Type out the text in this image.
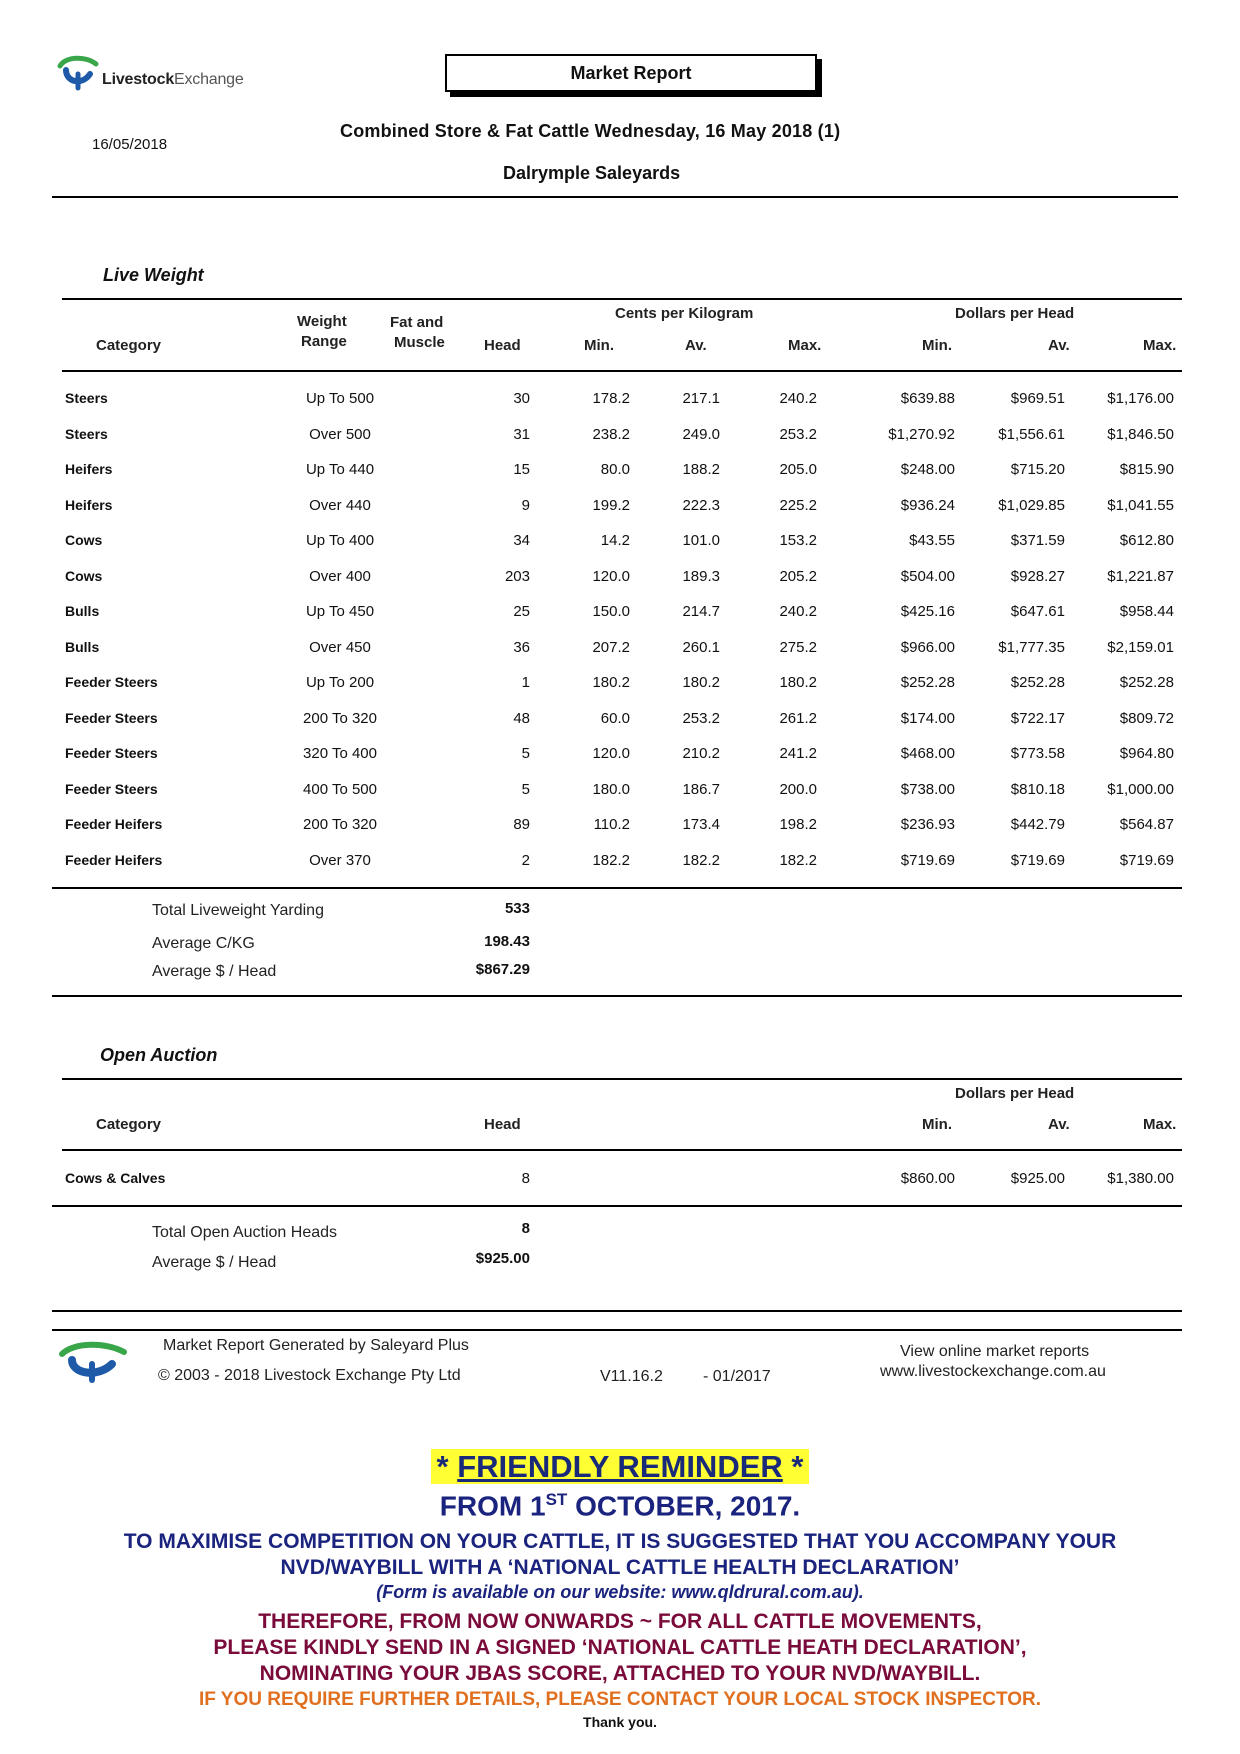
LivestockExchange	Market Report
16/05/2018
Combined Store & Fat Cattle Wednesday, 16 May 2018 (1)
Dalrymple Saleyards
Live Weight
Cents per Kilogram	Dollars per Head
Category
Weight
Range
Fat and
Muscle	Head	Min.	Av.	Max.	Min.	Av.	Max.
Steers	Up To 500	30	178.2	217.1	240.2	$639.88	$969.51	$1,176.00
Steers	Over 500	31	238.2	249.0	253.2	$1,270.92	$1,556.61	$1,846.50
Heifers	Up To 440	15	80.0	188.2	205.0	$248.00	$715.20	$815.90
Heifers	Over 440	9	199.2	222.3	225.2	$936.24	$1,029.85	$1,041.55
Cows	Up To 400	34	14.2	101.0	153.2	$43.55	$371.59	$612.80
Cows	Over 400	203	120.0	189.3	205.2	$504.00	$928.27	$1,221.87
Bulls	Up To 450	25	150.0	214.7	240.2	$425.16	$647.61	$958.44
Bulls	Over 450	36	207.2	260.1	275.2	$966.00	$1,777.35	$2,159.01
Feeder Steers	Up To 200	1	180.2	180.2	180.2	$252.28	$252.28	$252.28
Feeder Steers	200 To 320	48	60.0	253.2	261.2	$174.00	$722.17	$809.72
Feeder Steers	320 To 400	5	120.0	210.2	241.2	$468.00	$773.58	$964.80
Feeder Steers	400 To 500	5	180.0	186.7	200.0	$738.00	$810.18	$1,000.00
Feeder Heifers	200 To 320	89	110.2	173.4	198.2	$236.93	$442.79	$564.87
Feeder Heifers	Over 370	2	182.2	182.2	182.2	$719.69	$719.69	$719.69
Total Liveweight Yarding	533
Average C/KG	198.43
Average $ / Head	$867.29
Open Auction
Dollars per Head
Category	Head	Min.	Av.	Max.
Cows & Calves	8	$860.00	$925.00	$1,380.00
Total Open Auction Heads	8
Average $ / Head	$925.00
Market Report Generated by Saleyard Plus
© 2003 - 2018 Livestock Exchange Pty Ltd	V11.16.2	- 01/2017
View online market reports
www.livestockexchange.com.au
* FRIENDLY REMINDER *
FROM 1ST OCTOBER, 2017.
TO MAXIMISE COMPETITION ON YOUR CATTLE, IT IS SUGGESTED THAT YOU ACCOMPANY YOUR
NVD/WAYBILL WITH A ‘NATIONAL CATTLE HEALTH DECLARATION’
(Form is available on our website: www.qldrural.com.au).
THEREFORE, FROM NOW ONWARDS ~ FOR ALL CATTLE MOVEMENTS,
PLEASE KINDLY SEND IN A SIGNED ‘NATIONAL CATTLE HEATH DECLARATION’,
NOMINATING YOUR JBAS SCORE, ATTACHED TO YOUR NVD/WAYBILL.
IF YOU REQUIRE FURTHER DETAILS, PLEASE CONTACT YOUR LOCAL STOCK INSPECTOR.
Thank you.
